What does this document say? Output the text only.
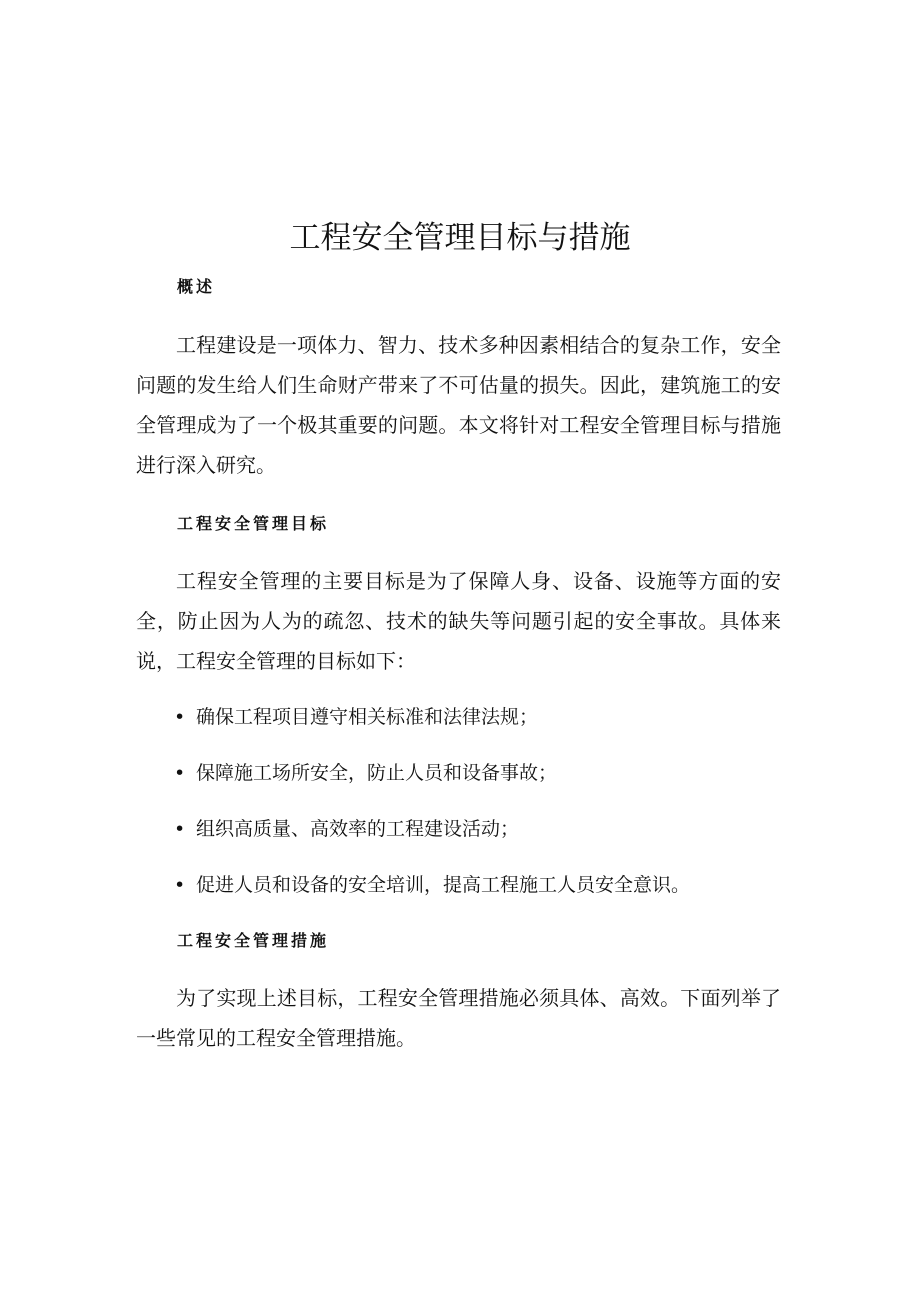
工程安全管理目标与措施
概述

工程建设是一项体力、智力、技术多种因素相结合的复杂工作，安全问题的发生给人们生命财产带来了不可估量的损失。因此，建筑施工的安全管理成为了一个极其重要的问题。本文将针对工程安全管理目标与措施进行深入研究。

工程安全管理目标

工程安全管理的主要目标是为了保障人身、设备、设施等方面的安全，防止因为人为的疏忽、技术的缺失等问题引起的安全事故。具体来说，工程安全管理的目标如下：

• 确保工程项目遵守相关标准和法律法规；

• 保障施工场所安全，防止人员和设备事故；

• 组织高质量、高效率的工程建设活动；

• 促进人员和设备的安全培训，提高工程施工人员安全意识。

工程安全管理措施

为了实现上述目标，工程安全管理措施必须具体、高效。下面列举了一些常见的工程安全管理措施。
